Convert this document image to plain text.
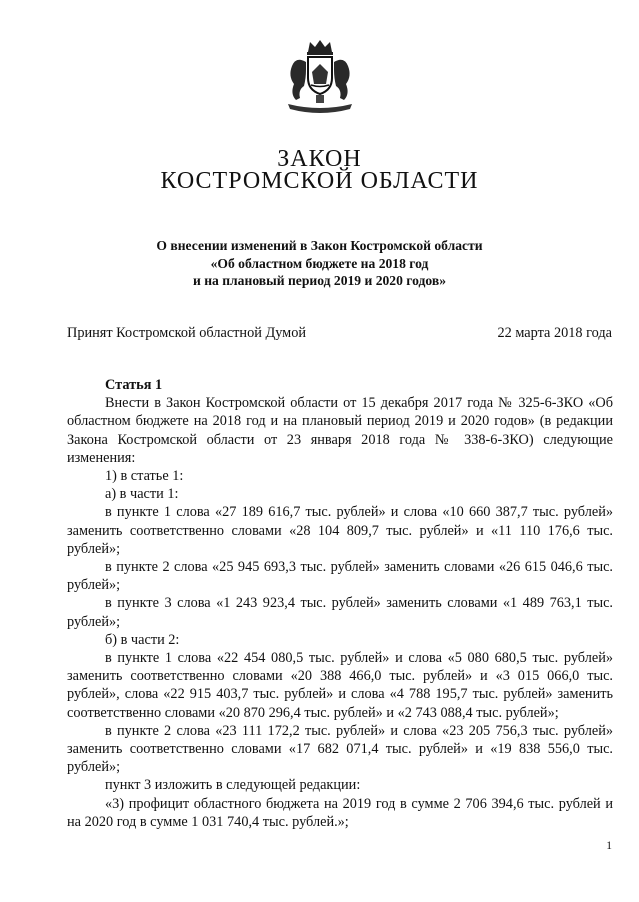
ЗАКОН
КОСТРОМСКОЙ ОБЛАСТИ
О внесении изменений в Закон Костромской области
«Об областном бюджете на 2018 год
и на плановый период 2019 и 2020 годов»
Принят Костромской областной Думой	22 марта 2018 года

Статья 1

Внести в Закон Костромской области от 15 декабря 2017 года № 325-6-ЗКО «Об областном бюджете на 2018 год и на плановый период 2019 и 2020 годов» (в редакции Закона Костромской области от 23 января 2018 года № 338-6-ЗКО) следующие изменения:

1) в статье 1:

а) в части 1:

в пункте 1 слова «27 189 616,7 тыс. рублей» и слова «10 660 387,7 тыс. рублей» заменить соответственно словами «28 104 809,7 тыс. рублей» и «11 110 176,6 тыс. рублей»;

в пункте 2 слова «25 945 693,3 тыс. рублей» заменить словами «26 615 046,6 тыс. рублей»;

в пункте 3 слова «1 243 923,4 тыс. рублей» заменить словами «1 489 763,1 тыс. рублей»;

б) в части 2:

в пункте 1 слова «22 454 080,5 тыс. рублей» и слова «5 080 680,5 тыс. рублей» заменить соответственно словами «20 388 466,0 тыс. рублей» и «3 015 066,0 тыс. рублей», слова «22 915 403,7 тыс. рублей» и слова «4 788 195,7 тыс. рублей» заменить соответственно словами «20 870 296,4 тыс. рублей» и «2 743 088,4 тыс. рублей»;

в пункте 2 слова «23 111 172,2 тыс. рублей» и слова «23 205 756,3 тыс. рублей» заменить соответственно словами «17 682 071,4 тыс. рублей» и «19 838 556,0 тыс. рублей»;

пункт 3 изложить в следующей редакции:

«3) профицит областного бюджета на 2019 год в сумме 2 706 394,6 тыс. рублей и на 2020 год в сумме 1 031 740,4 тыс. рублей.»;

1
